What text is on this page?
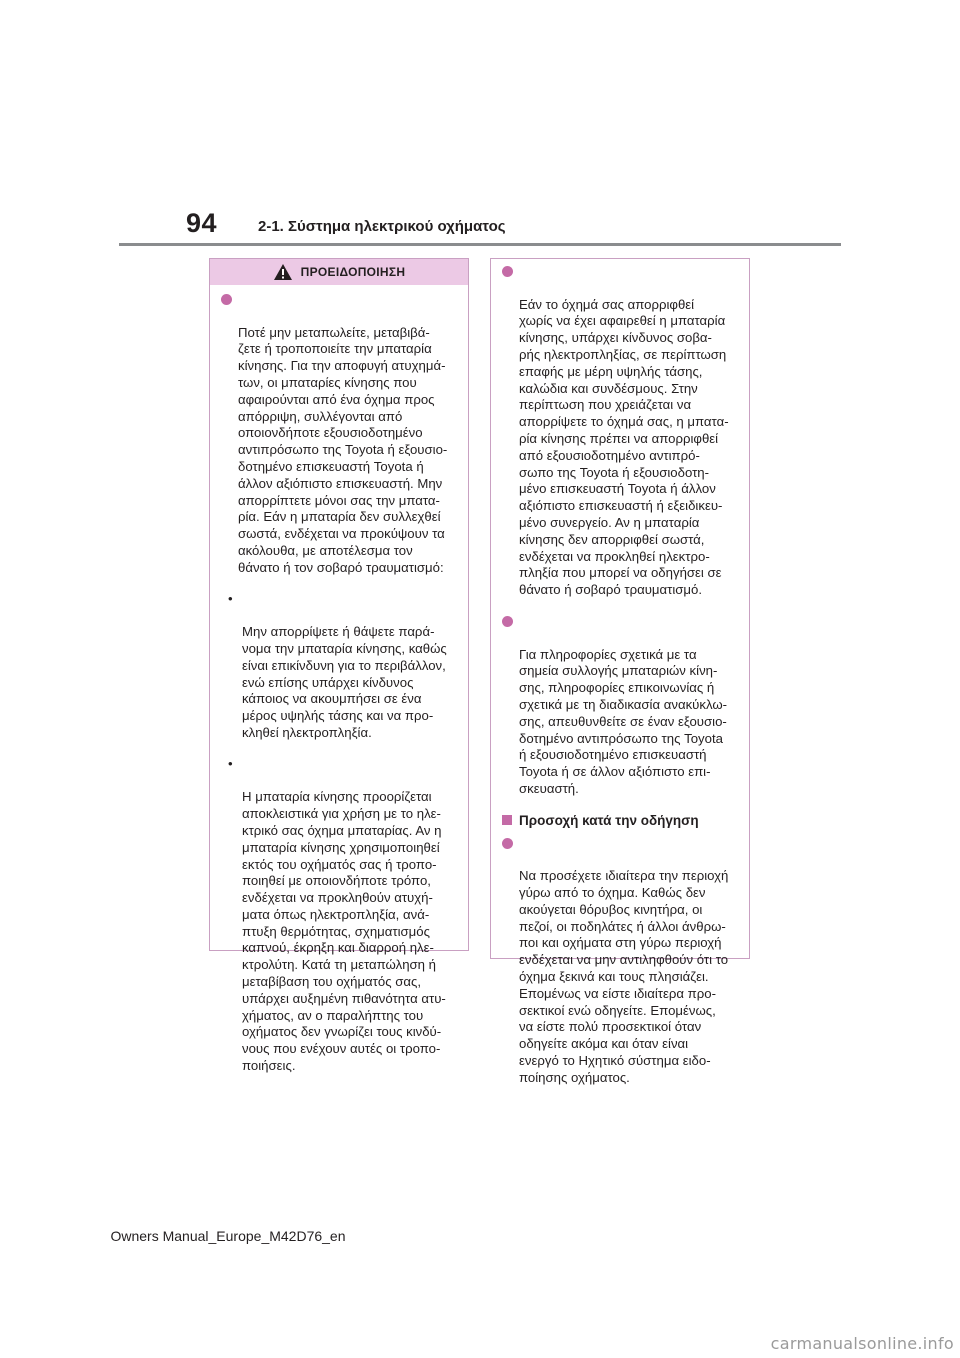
94	2-1. Σύστημα ηλεκτρικού οχήματος
ΠΡΟΕΙΔΟΠΟΙΗΣΗ

Ποτέ μην μεταπωλείτε, μεταβιβά-
ζετε ή τροποποιείτε την μπαταρία
κίνησης. Για την αποφυγή ατυχημά-
των, οι μπαταρίες κίνησης που
αφαιρούνται από ένα όχημα προς
απόρριψη, συλλέγονται από
οποιονδήποτε εξουσιοδοτημένο
αντιπρόσωπο της Toyota ή εξουσιο-
δοτημένο επισκευαστή Toyota ή
άλλον αξιόπιστο επισκευαστή. Μην
απορρίπτετε μόνοι σας την μπατα-
ρία. Εάν η μπαταρία δεν συλλεχθεί
σωστά, ενδέχεται να προκύψουν τα
ακόλουθα, με αποτέλεσμα τον
θάνατο ή τον σοβαρό τραυματισμό:

•

Μην απορρίψετε ή θάψετε παρά-
νομα την μπαταρία κίνησης, καθώς
είναι επικίνδυνη για το περιβάλλον,
ενώ επίσης υπάρχει κίνδυνος
κάποιος να ακουμπήσει σε ένα
μέρος υψηλής τάσης και να προ-
κληθεί ηλεκτροπληξία.

•

Η μπαταρία κίνησης προορίζεται
αποκλειστικά για χρήση με το ηλε-
κτρικό σας όχημα μπαταρίας. Αν η
μπαταρία κίνησης χρησιμοποιηθεί
εκτός του οχήματός σας ή τροπο-
ποιηθεί με οποιονδήποτε τρόπο,
ενδέχεται να προκληθούν ατυχή-
ματα όπως ηλεκτροπληξία, ανά-
πτυξη θερμότητας, σχηματισμός
καπνού, έκρηξη και διαρροή ηλε-
κτρολύτη. Κατά τη μεταπώληση ή
μεταβίβαση του οχήματός σας,
υπάρχει αυξημένη πιθανότητα ατυ-
χήματος, αν ο παραλήπτης του
οχήματος δεν γνωρίζει τους κινδύ-
νους που ενέχουν αυτές οι τροπο-
ποιήσεις.

Εάν το όχημά σας απορριφθεί
χωρίς να έχει αφαιρεθεί η μπαταρία
κίνησης, υπάρχει κίνδυνος σοβα-
ρής ηλεκτροπληξίας, σε περίπτωση
επαφής με μέρη υψηλής τάσης,
καλώδια και συνδέσμους. Στην
περίπτωση που χρειάζεται να
απορρίψετε το όχημά σας, η μπατα-
ρία κίνησης πρέπει να απορριφθεί
από εξουσιοδοτημένο αντιπρό-
σωπο της Toyota ή εξουσιοδοτη-
μένο επισκευαστή Toyota ή άλλον
αξιόπιστο επισκευαστή ή εξειδικευ-
μένο συνεργείο. Αν η μπαταρία
κίνησης δεν απορριφθεί σωστά,
ενδέχεται να προκληθεί ηλεκτρο-
πληξία που μπορεί να οδηγήσει σε
θάνατο ή σοβαρό τραυματισμό.

Για πληροφορίες σχετικά με τα
σημεία συλλογής μπαταριών κίνη-
σης, πληροφορίες επικοινωνίας ή
σχετικά με τη διαδικασία ανακύκλω-
σης, απευθυνθείτε σε έναν εξουσιο-
δοτημένο αντιπρόσωπο της Toyota
ή εξουσιοδοτημένο επισκευαστή
Toyota ή σε άλλον αξιόπιστο επι-
σκευαστή.

Προσοχή κατά την οδήγηση

Να προσέχετε ιδιαίτερα την περιοχή
γύρω από το όχημα. Καθώς δεν
ακούγεται θόρυβος κινητήρα, οι
πεζοί, οι ποδηλάτες ή άλλοι άνθρω-
ποι και οχήματα στη γύρω περιοχή
ενδέχεται να μην αντιληφθούν ότι το
όχημα ξεκινά και τους πλησιάζει.
Επομένως να είστε ιδιαίτερα προ-
σεκτικοί ενώ οδηγείτε. Επομένως,
να είστε πολύ προσεκτικοί όταν
οδηγείτε ακόμα και όταν είναι
ενεργό το Ηχητικό σύστημα ειδο-
ποίησης οχήματος.

Owners Manual_Europe_M42D76_en
carmanualsonline.info
